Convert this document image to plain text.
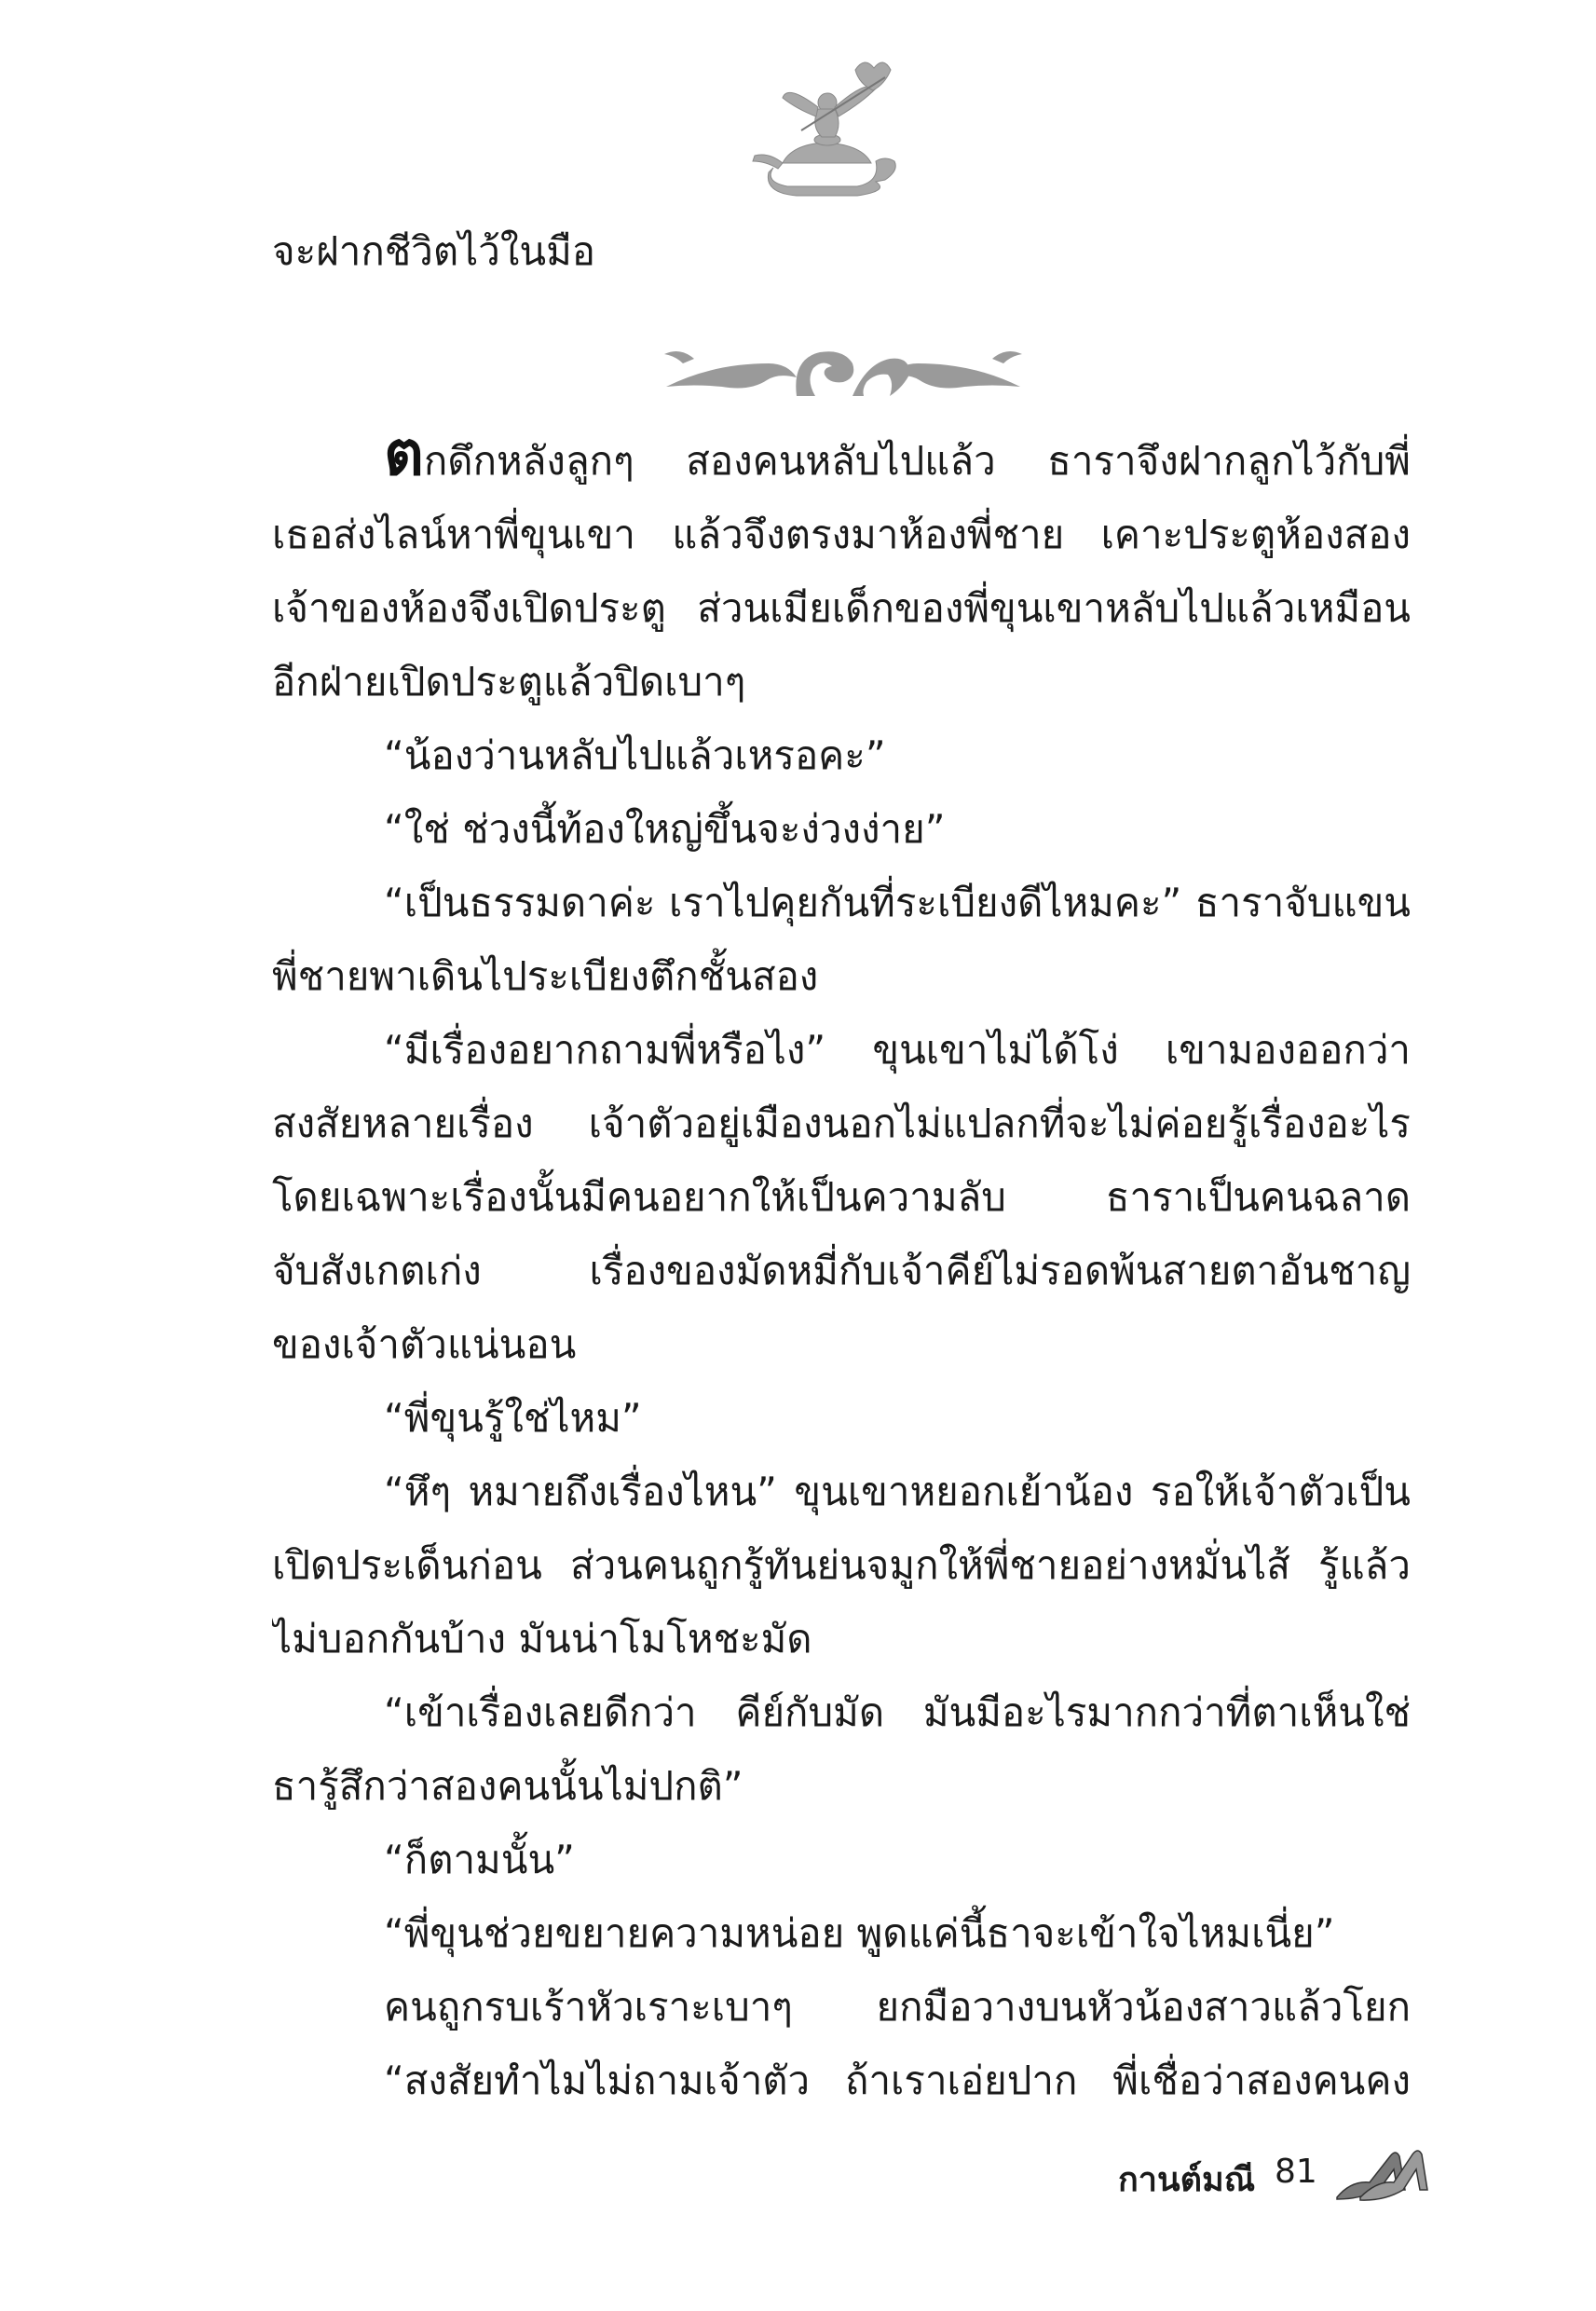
จะฝากชีวิตไว้ในมือ

ตกดึกหลังลูกๆ สองคนหลับไปแล้ว ธาราจึงฝากลูกไว้กับพี่
เธอส่งไลน์หาพี่ขุนเขา แล้วจึงตรงมาห้องพี่ชาย เคาะประตูห้องสอง
เจ้าของห้องจึงเปิดประตู ส่วนเมียเด็กของพี่ขุนเขาหลับไปแล้วเหมือน
อีกฝ่ายเปิดประตูแล้วปิดเบาๆ
“น้องว่านหลับไปแล้วเหรอคะ”
“ใช่ ช่วงนี้ท้องใหญ่ขึ้นจะง่วงง่าย”
“เป็นธรรมดาค่ะ เราไปคุยกันที่ระเบียงดีไหมคะ” ธาราจับแขน
พี่ชายพาเดินไประเบียงตึกชั้นสอง
“มีเรื่องอยากถามพี่หรือไง” ขุนเขาไม่ได้โง่ เขามองออกว่า
สงสัยหลายเรื่อง เจ้าตัวอยู่เมืองนอกไม่แปลกที่จะไม่ค่อยรู้เรื่องอะไร
โดยเฉพาะเรื่องนั้นมีคนอยากให้เป็นความลับ ธาราเป็นคนฉลาด
จับสังเกตเก่ง เรื่องของมัดหมี่กับเจ้าคีย์ไม่รอดพ้นสายตาอันชาญ
ของเจ้าตัวแน่นอน
“พี่ขุนรู้ใช่ไหม”
“หึๆ หมายถึงเรื่องไหน” ขุนเขาหยอกเย้าน้อง รอให้เจ้าตัวเป็น
เปิดประเด็นก่อน ส่วนคนถูกรู้ทันย่นจมูกให้พี่ชายอย่างหมั่นไส้ รู้แล้ว
ไม่บอกกันบ้าง มันน่าโมโหชะมัด
“เข้าเรื่องเลยดีกว่า คีย์กับมัด มันมีอะไรมากกว่าที่ตาเห็นใช่
ธารู้สึกว่าสองคนนั้นไม่ปกติ”
“ก็ตามนั้น”
“พี่ขุนช่วยขยายความหน่อย พูดแค่นี้ธาจะเข้าใจไหมเนี่ย”
คนถูกรบเร้าหัวเราะเบาๆ ยกมือวางบนหัวน้องสาวแล้วโยก
“สงสัยทำไมไม่ถามเจ้าตัว ถ้าเราเอ่ยปาก พี่เชื่อว่าสองคนคง
กานต์มณี 81
